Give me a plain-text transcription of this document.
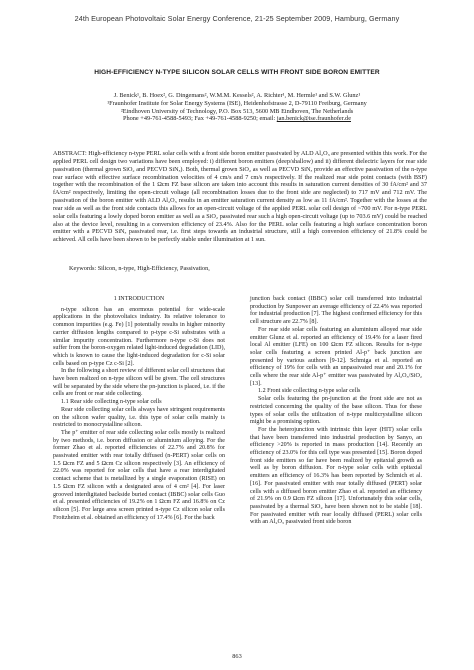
24th European Photovoltaic Solar Energy Conference, 21-25 September 2009, Hamburg, Germany
HIGH-EFFICIENCY N-TYPE SILICON SOLAR CELLS WITH FRONT SIDE BORON EMITTER
J. Benick¹, B. Hoex², G. Dingemans², W.M.M. Kessels², A. Richter¹, M. Hermle¹ and S.W. Glunz¹
¹Fraunhofer Institute for Solar Energy Systems (ISE), Heidenhofstrasse 2, D-79110 Freiburg, Germany
²Eindhoven University of Technology, P.O. Box 513, 5600 MB Eindhoven, The Netherlands
Phone +49-761-4588-5493; Fax +49-761-4588-9250; email: jan.benick@ise.fraunhofer.de
ABSTRACT: High-efficiency n-type PERL solar cells with a front side boron emitter passivated by ALD Al₂O₃ are presented within this work. For the applied PERL cell design two variations have been employed: i) different boron emitters (deep/shallow) and ii) different dielectric layers for rear side passivation (thermal grown SiO₂ and PECVD SiNₓ). Both, thermal grown SiO₂ as well as PECVD SiNₓ provide an effective passivation of the n-type rear surface with effective surface recombination velocities of 4 cm/s and 7 cm/s respectively. If the realized rear side point contacts (with BSF) together with the recombination of the 1 Ωcm FZ base silicon are taken into account this results in saturation current densities of 30 fA/cm² and 37 fA/cm² respectively, limiting the open-circuit voltage (all recombination losses due to the front side are neglected) to 717 mV and 712 mV. The passivation of the boron emitter with ALD Al₂O₃ results in an emitter saturation current density as low as 11 fA/cm². Together with the losses at the rear side as well as the front side contacts this allows for an open-circuit voltage of the applied PERL solar cell design of ~700 mV. For n-type PERL solar cells featuring a lowly doped boron emitter as well as a SiO₂ passivated rear such a high open-circuit voltage (up to 703.6 mV) could be reached also at the device level, resulting in a conversion efficiency of 23.4%. Also for the PERL solar cells featuring a high surface concentration boron emitter with a PECVD SiNₓ passivated rear, i.e. first steps towards an industrial structure, still a high conversion efficiency of 21.8% could be achieved. All cells have been shown to be perfectly stable under illumination at 1 sun.
Keywords: Silicon, n-type, High-Efficiency, Passivation,
1 INTRODUCTION

n-type silicon has an enormous potential for wide-scale applications in the photovoltaics industry. Its relative tolerance to common impurities (e.g. Fe) [1] potentially results in higher minority carrier diffusion lengths compared to p-type c-Si substrates with a similar impurity concentration. Furthermore n-type c-Si does not suffer from the boron-oxygen related light-induced degradation (LID), which is known to cause the light-induced degradation for c-Si solar cells based on p-type Cz c-Si [2].

In the following a short review of different solar cell structures that have been realized on n-type silicon will be given. The cell structures will be separated by the side where the pn-junction is placed, i.e. if the cells are front or rear side collecting.

1.1 Rear side collecting n-type solar cells

Rear side collecting solar cells always have stringent requirements on the silicon wafer quality, i.e. this type of solar cells mainly is restricted to monocrystalline silicon.

The p⁺ emitter of rear side collecting solar cells mostly is realized by two methods, i.e. boron diffusion or aluminium alloying. For the former Zhao et al. reported efficiencies of 22.7% and 20.8% for passivated emitter with rear totally diffused (n-PERT) solar cells on 1.5 Ωcm FZ and 5 Ωcm Cz silicon respectively [3]. An efficiency of 22.0% was reported for solar cells that have a rear interdigitated contact scheme that is metallized by a single evaporation (RISE) on 1.5 Ωcm FZ silicon with a designated area of 4 cm² [4]. For laser grooved interdigitated backside buried contact (IBBC) solar cells Guo et al. presented efficiencies of 19.2% on 1 Ωcm FZ and 16.8% on Cz silicon [5]. For large area screen printed n-type Cz silicon solar cells Froitzheim et al. obtained an efficiency of 17.4% [6]. For the back

junction back contact (IBBC) solar cell transferred into industrial production by Sunpower an average efficiency of 22.4% was reported for industrial production [7]. The highest confirmed efficiency for this cell structure are 22.7% [8].

For rear side solar cells featuring an aluminium alloyed rear side emitter Glunz et al. reported an efficiency of 19.4% for a laser fired local Al emitter (LFE) on 100 Ωcm FZ silicon. Results for n-type solar cells featuring a screen printed Al-p⁺ back junction are presented by various authors [9-12]. Schmiga et al. reported an efficiency of 19% for cells with an unpassivated rear and 20.1% for cells where the rear side Al-p⁺ emitter was passivated by Al₂O₃/SiO₂ [13].

1.2 Front side collecting n-type solar cells

Solar cells featuring the pn-junction at the front side are not as restricted concerning the quality of the base silicon. Thus for these types of solar cells the utilization of n-type multicrystalline silicon might be a promising option.

For the heterojunction with intrinsic thin layer (HIT) solar cells that have been transferred into industrial production by Sanyo, an efficiency >20% is reported in mass production [14]. Recently an efficiency of 23.0% for this cell type was presented [15]. Boron doped front side emitters so far have been realized by epitaxial growth as well as by boron diffusion. For n-type solar cells with epitaxial emitters an efficiency of 16.3% has been reported by Schmich et al. [16]. For passivated emitter with rear totally diffused (PERT) solar cells with a diffused boron emitter Zhao et al. reported an efficiency of 21.9% on 0.9 Ωcm FZ silicon [17]. Unfortunately this solar cells, passivated by a thermal SiO₂ have been shown not to be stable [18]. For passivated emitter with rear locally diffused (PERL) solar cells with an Al₂O₃ passivated front side boron

863
